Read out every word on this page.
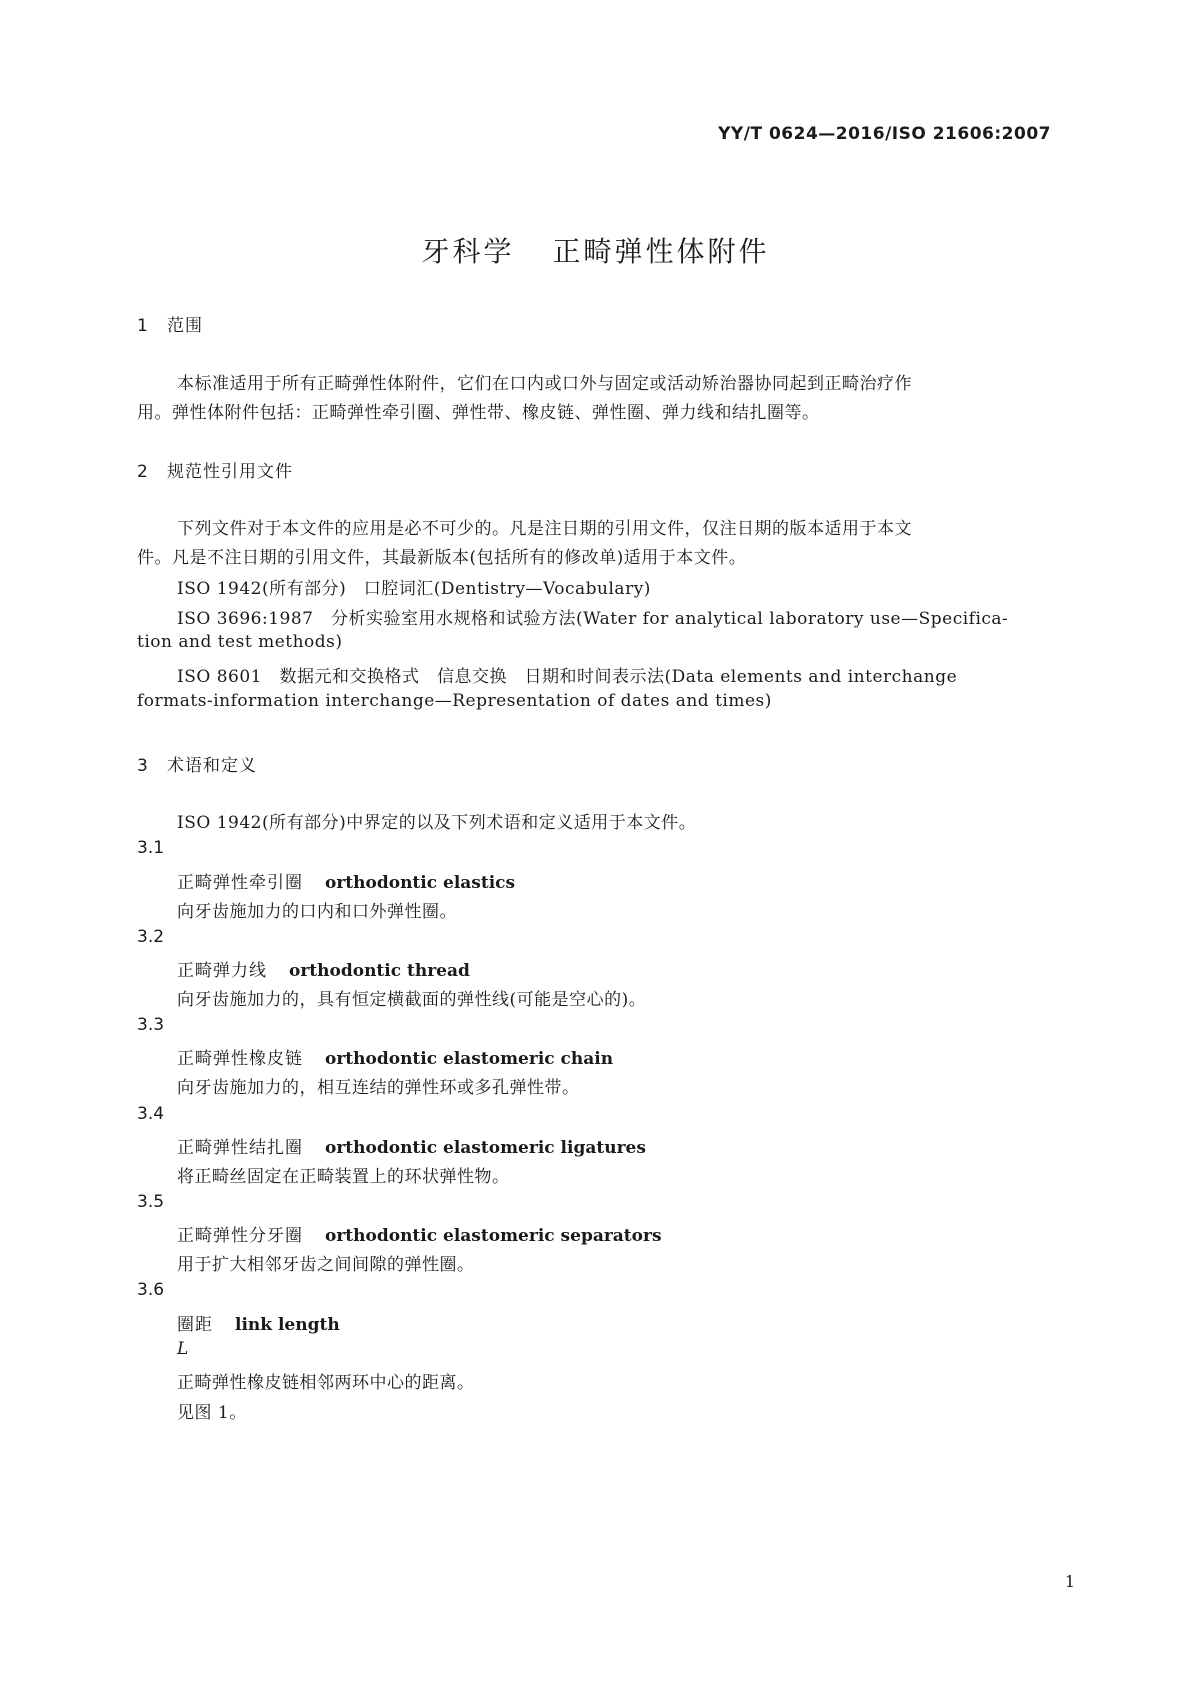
YY/T 0624—2016/ISO 21606:2007
牙科学 正畸弹性体附件
1 范围
本标准适用于所有正畸弹性体附件，它们在口内或口外与固定或活动矫治器协同起到正畸治疗作
用。弹性体附件包括：正畸弹性牵引圈、弹性带、橡皮链、弹性圈、弹力线和结扎圈等。
2 规范性引用文件
下列文件对于本文件的应用是必不可少的。凡是注日期的引用文件，仅注日期的版本适用于本文
件。凡是不注日期的引用文件，其最新版本(包括所有的修改单)适用于本文件。
ISO 1942(所有部分)　口腔词汇(Dentistry—Vocabulary)
ISO 3696:1987　分析实验室用水规格和试验方法(Water for analytical laboratory use—Specifica-
tion and test methods)
ISO 8601　数据元和交换格式　信息交换　日期和时间表示法(Data elements and interchange
formats-information interchange—Representation of dates and times)
3 术语和定义
ISO 1942(所有部分)中界定的以及下列术语和定义适用于本文件。
3.1
正畸弹性牵引圈 orthodontic elastics
向牙齿施加力的口内和口外弹性圈。
3.2
正畸弹力线 orthodontic thread
向牙齿施加力的，具有恒定横截面的弹性线(可能是空心的)。
3.3
正畸弹性橡皮链 orthodontic elastomeric chain
向牙齿施加力的，相互连结的弹性环或多孔弹性带。
3.4
正畸弹性结扎圈 orthodontic elastomeric ligatures
将正畸丝固定在正畸装置上的环状弹性物。
3.5
正畸弹性分牙圈 orthodontic elastomeric separators
用于扩大相邻牙齿之间间隙的弹性圈。
3.6
圈距 link length
L
正畸弹性橡皮链相邻两环中心的距离。
见图 1。
1
